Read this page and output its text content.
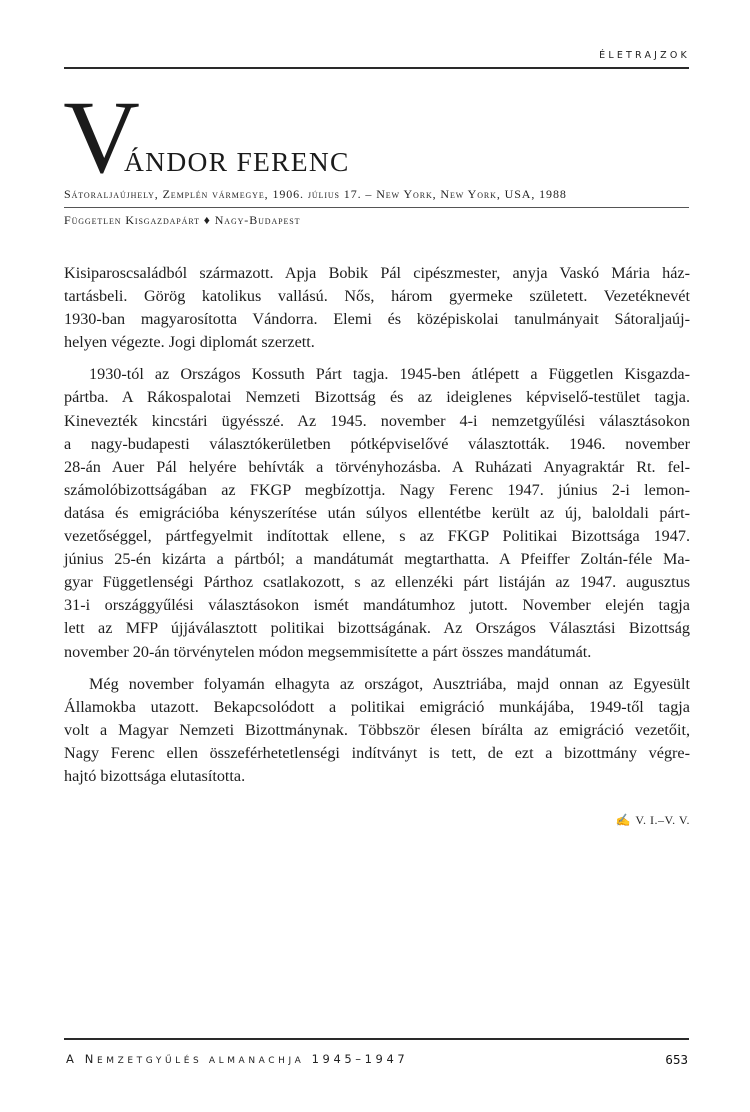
ÉLETRAJZOK
V
ÁNDOR FERENC
Sátoraljaújhely, Zemplén vármegye, 1906. július 17. – New York, New York, USA, 1988
Független Kisgazdapárt ♦ Nagy-Budapest
Kisiparoscsaládból származott. Apja Bobik Pál cipészmester, anyja Vaskó Mária ház-
tartásbeli. Görög katolikus vallású. Nős, három gyermeke született. Vezetéknevét
1930-ban magyarosította Vándorra. Elemi és középiskolai tanulmányait Sátoraljaúj-
helyen végezte. Jogi diplomát szerzett.
1930-tól az Országos Kossuth Párt tagja. 1945-ben átlépett a Független Kisgazda-
pártba. A Rákospalotai Nemzeti Bizottság és az ideiglenes képviselő-testület tagja.
Kinevezték kincstári ügyésszé. Az 1945. november 4-i nemzetgyűlési választásokon
a nagy-budapesti választókerületben pótképviselővé választották. 1946. november
28-án Auer Pál helyére behívták a törvényhozásba. A Ruházati Anyagraktár Rt. fel-
számolóbizottságában az FKGP megbízottja. Nagy Ferenc 1947. június 2-i lemon-
datása és emigrációba kényszerítése után súlyos ellentétbe került az új, baloldali párt-
vezetőséggel, pártfegyelmit indítottak ellene, s az FKGP Politikai Bizottsága 1947.
június 25-én kizárta a pártból; a mandátumát megtarthatta. A Pfeiffer Zoltán-féle Ma-
gyar Függetlenségi Párthoz csatlakozott, s az ellenzéki párt listáján az 1947. augusztus
31-i országgyűlési választásokon ismét mandátumhoz jutott. November elején tagja
lett az MFP újjáválasztott politikai bizottságának. Az Országos Választási Bizottság
november 20-án törvénytelen módon megsemmisítette a párt összes mandátumát.
Még november folyamán elhagyta az országot, Ausztriába, majd onnan az Egyesült
Államokba utazott. Bekapcsolódott a politikai emigráció munkájába, 1949-től tagja
volt a Magyar Nemzeti Bizottmánynak. Többször élesen bírálta az emigráció vezetőit,
Nagy Ferenc ellen összeférhetetlenségi indítványt is tett, de ezt a bizottmány végre-
hajtó bizottsága elutasította.
✍ V. I.–V. V.
A NEMZETGYŰLÉS ALMANACHJA 1945–1947	653
